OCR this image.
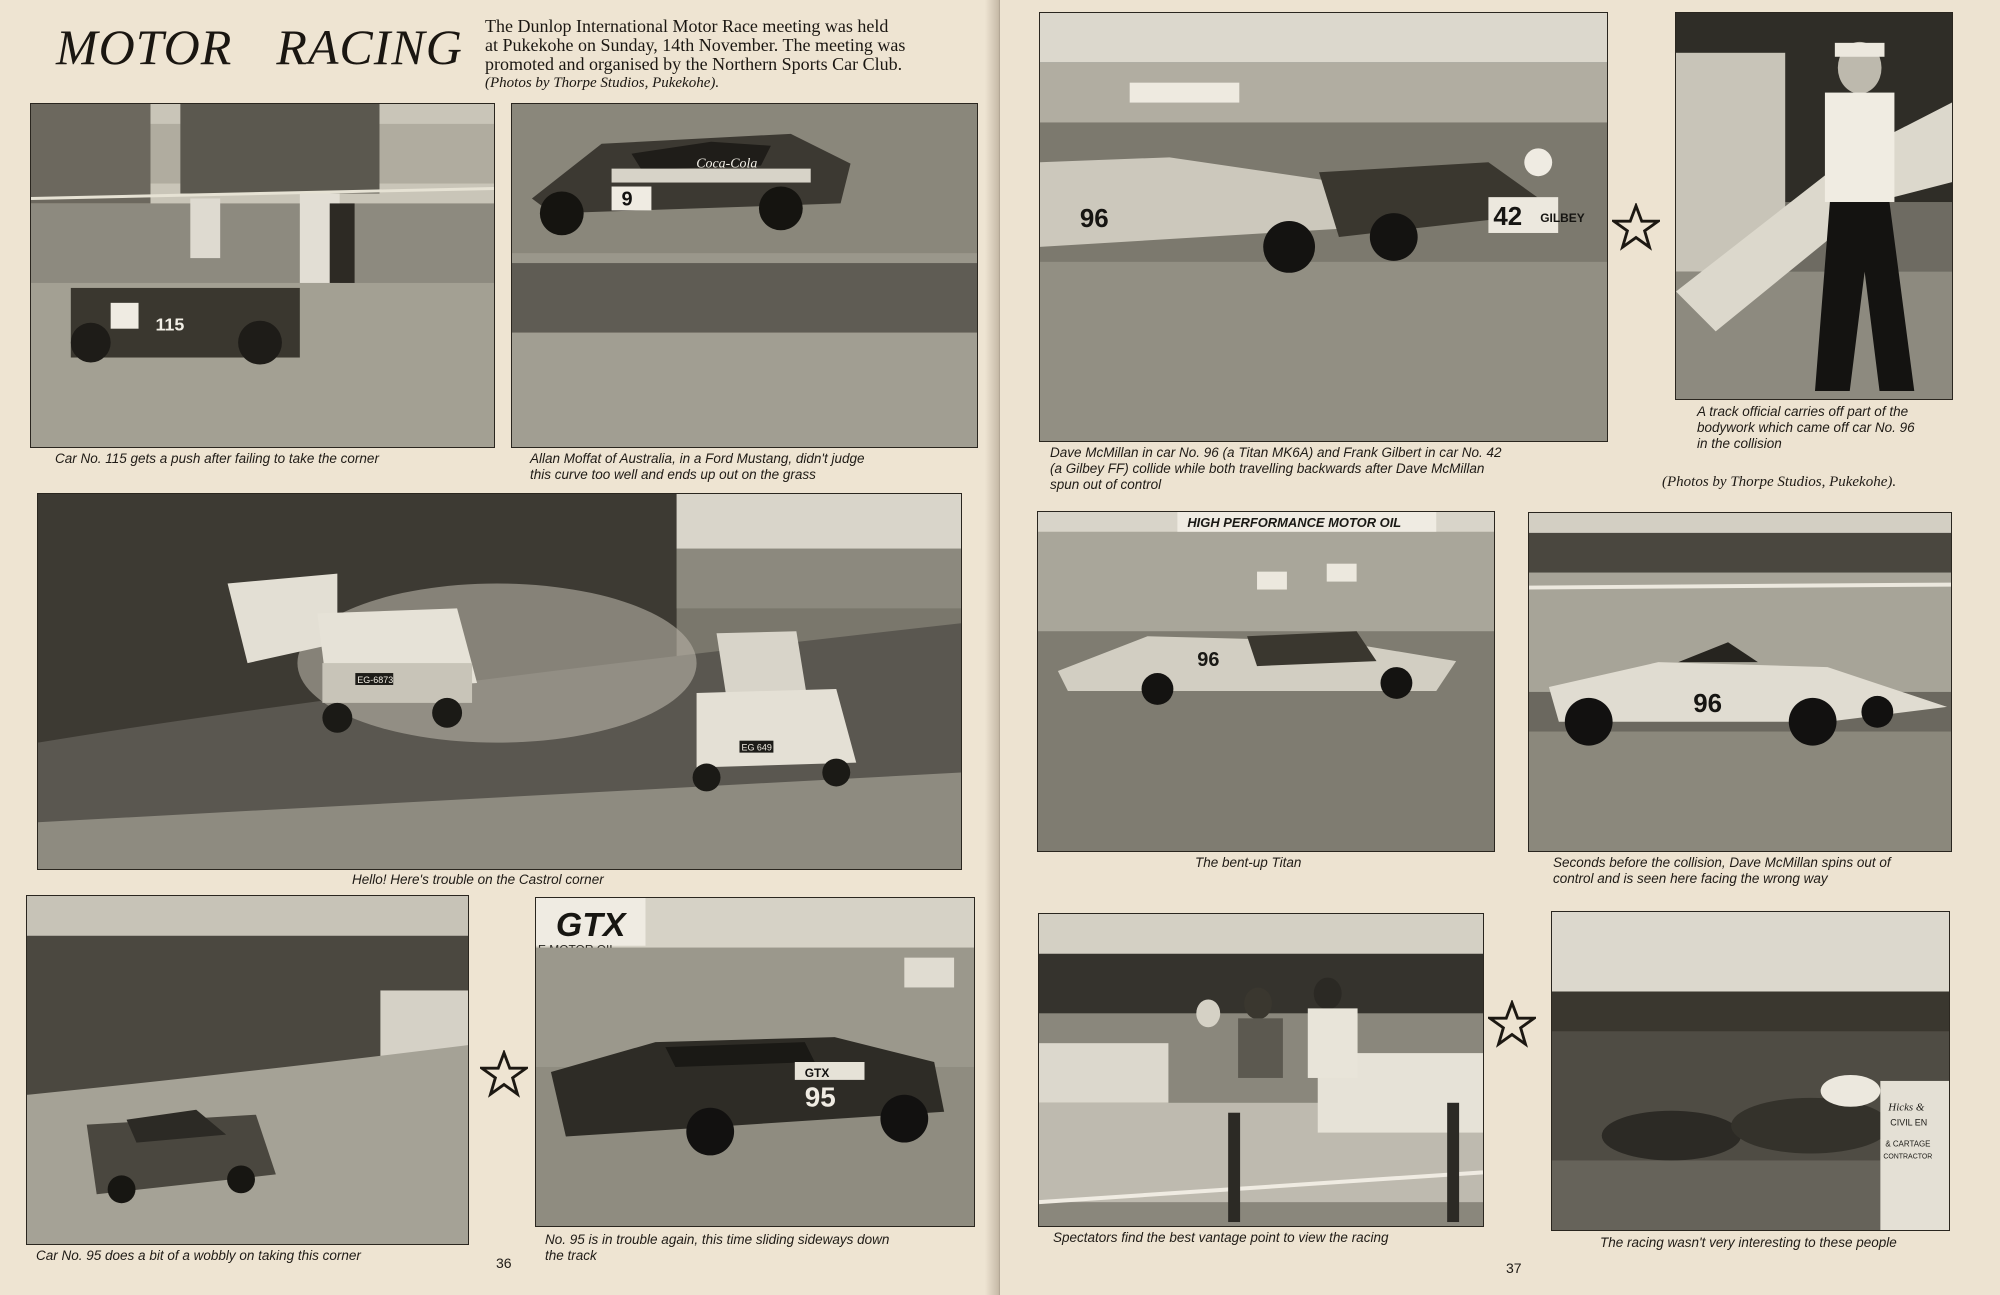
MOTOR RACING The Dunlop International Motor Race meeting was held
at Pukekohe on Sunday, 14th November. The meeting was
promoted and organised by the Northern Sports Car Club.
(Photos by Thorpe Studios, Pukekohe).
115
Car No. 115 gets a push after failing to take the corner
9
Coca-Cola
Allan Moffat of Australia, in a Ford Mustang, didn't judge
this curve too well and ends up out on the grass
EG-6873
EG 649
Hello! Here's trouble on the Castrol corner
Car No. 95 does a bit of a wobbly on taking this corner
GTX
GTX
95
No. 95 is in trouble again, this time sliding sideways down
the track
36
96	42 GILBEY
Dave McMillan in car No. 96 (a Titan MK6A) and Frank Gilbert in car No. 42
(a Gilbey FF) collide while both travelling backwards after Dave McMillan
spun out of control
A track official carries off part of the
bodywork which came off car No. 96
in the collision
(Photos by Thorpe Studios, Pukekohe).
HIGH PERFORMANCE MOTOR OIL
96
The bent-up Titan
96
Seconds before the collision, Dave McMillan spins out of
control and is seen here facing the wrong way
Spectators find the best vantage point to view the racing
Hicks &
CIVIL EN
& CARTAGE
CONTRACTOR
The racing wasn't very interesting to these people
37
